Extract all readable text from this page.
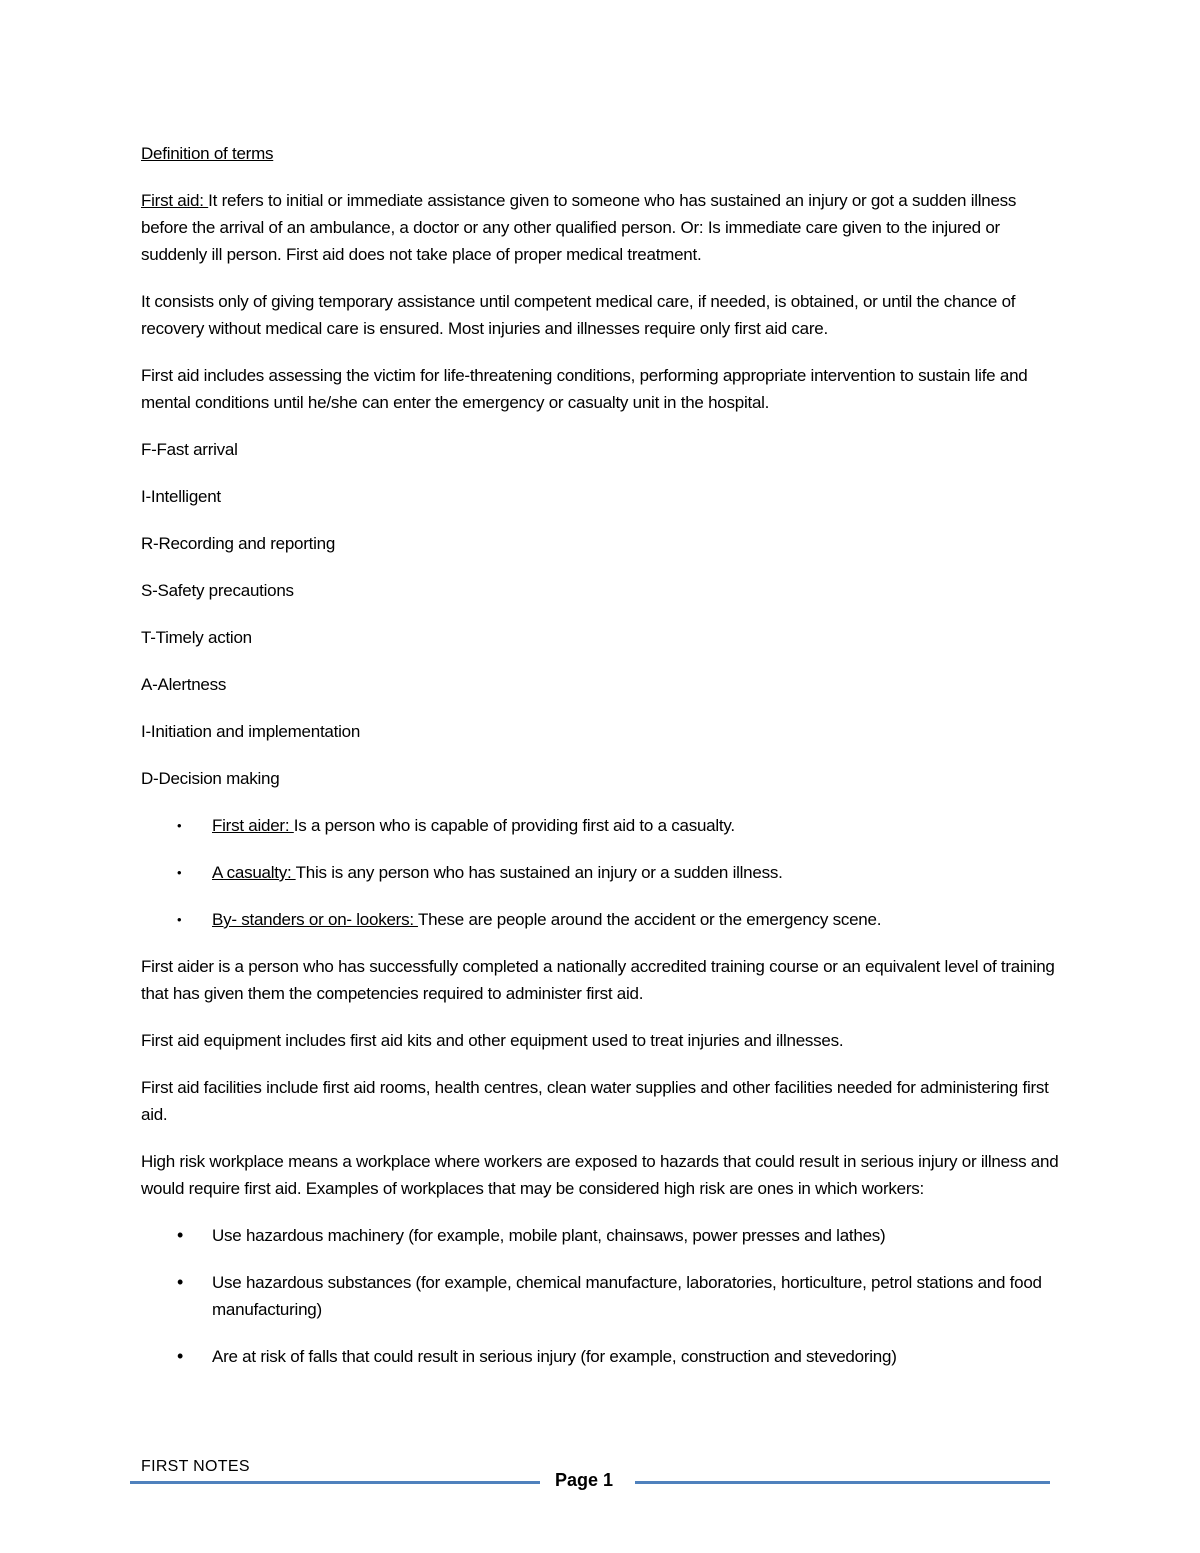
Definition of terms

First aid: It refers to initial or immediate assistance given to someone who has sustained an injury or got a sudden illness before the arrival of an ambulance, a doctor or any other qualified person. Or: Is immediate care given to the injured or suddenly ill person. First aid does not take place of proper medical treatment.

It consists only of giving temporary assistance until competent medical care, if needed, is obtained, or until the chance of recovery without medical care is ensured. Most injuries and illnesses require only first aid care.

First aid includes assessing the victim for life-threatening conditions, performing appropriate intervention to sustain life and mental conditions until he/she can enter the emergency or casualty unit in the hospital.

F-Fast arrival

I-Intelligent

R-Recording and reporting

S-Safety precautions

T-Timely action

A-Alertness

I-Initiation and implementation

D-Decision making

• First aider: Is a person who is capable of providing first aid to a casualty.
• A casualty: This is any person who has sustained an injury or a sudden illness.
• By- standers or on- lookers: These are people around the accident or the emergency scene.

First aider is a person who has successfully completed a nationally accredited training course or an equivalent level of training that has given them the competencies required to administer first aid.

First aid equipment includes first aid kits and other equipment used to treat injuries and illnesses.

First aid facilities include first aid rooms, health centres, clean water supplies and other facilities needed for administering first aid.

High risk workplace means a workplace where workers are exposed to hazards that could result in serious injury or illness and would require first aid. Examples of workplaces that may be considered high risk are ones in which workers:

• Use hazardous machinery (for example, mobile plant, chainsaws, power presses and lathes)
• Use hazardous substances (for example, chemical manufacture, laboratories, horticulture, petrol stations and food manufacturing)
• Are at risk of falls that could result in serious injury (for example, construction and stevedoring)
FIRST NOTES
Page 1
